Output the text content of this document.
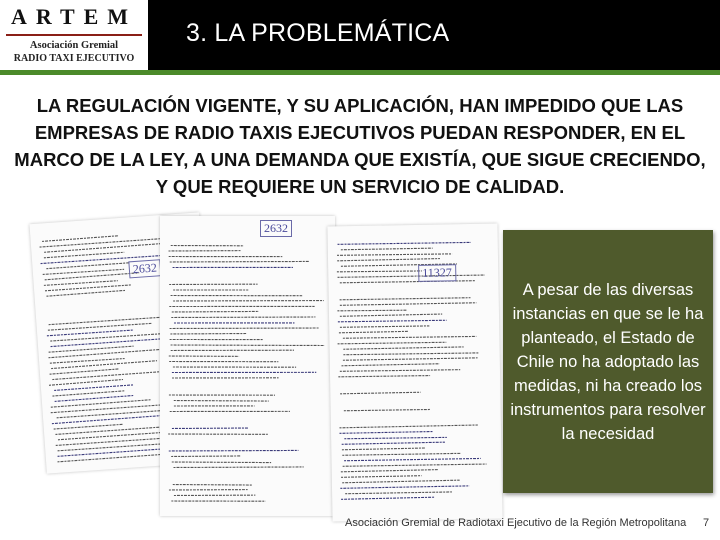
ARTEM
Asociación Gremial
RADIO TAXI EJECUTIVO
3. LA PROBLEMÁTICA
LA REGULACIÓN VIGENTE, Y SU APLICACIÓN, HAN IMPEDIDO QUE LAS EMPRESAS DE RADIO TAXIS EJECUTIVOS PUEDAN RESPONDER, EN EL MARCO DE LA LEY, A UNA DEMANDA QUE EXISTÍA, QUE SIGUE CRECIENDO, Y QUE REQUIERE UN SERVICIO DE CALIDAD.
2632
2632
11327
A pesar de las diversas instancias en que se le ha planteado, el Estado de Chile no ha adoptado las medidas, ni ha creado los instrumentos para resolver la necesidad
Asociación Gremial de Radiotaxi Ejecutivo de la Región Metropolitana 7
